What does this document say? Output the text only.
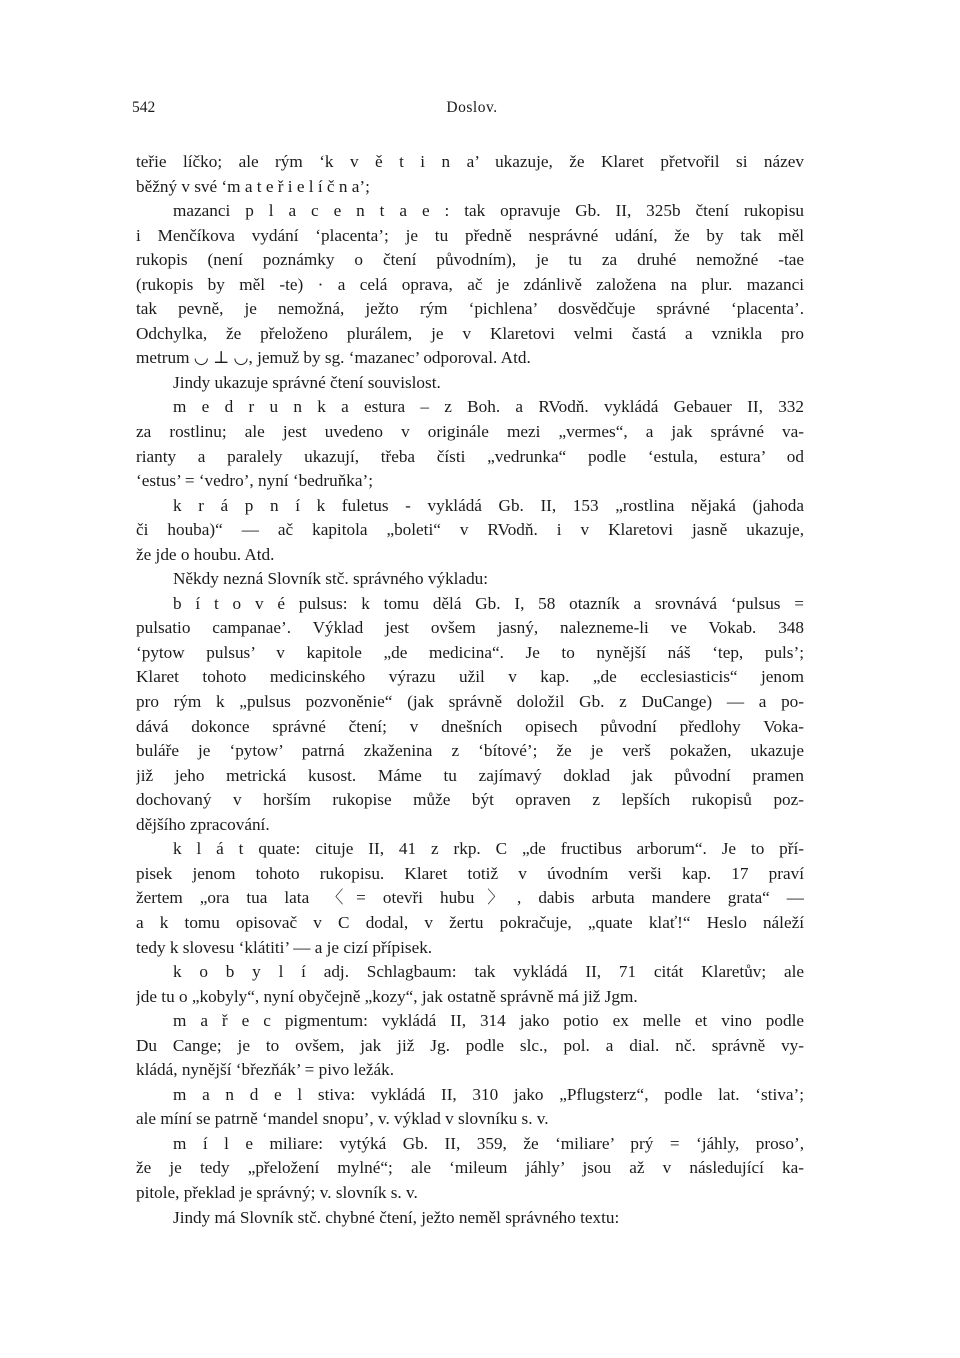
542	Doslov.
teřie líčko; ale rým ‘k v ě t i n a’ ukazuje, že Klaret přetvořil si název
běžný v své ‘m a t e ř i e l í č n a’;
mazanci p l a c e n t a e : tak opravuje Gb. II, 325b čtení rukopisu
i Menčíkova vydání ‘placenta’; je tu předně nesprávné udání, že by tak měl
rukopis (není poznámky o čtení původním), je tu za druhé nemožné -tae
(rukopis by měl -te) · a celá oprava, ač je zdánlivě založena na plur. mazanci
tak pevně, je nemožná, ježto rým ‘pichlena’ dosvědčuje správné ‘placenta’.
Odchylka, že přeloženo plurálem, je v Klaretovi velmi častá a vznikla pro
metrum ◡ ⊥ ◡, jemuž by sg. ‘mazanec’ odporoval. Atd.
Jindy ukazuje správné čtení souvislost.
m e d r u n k a estura – z Boh. a RVodň. vykládá Gebauer II, 332
za rostlinu; ale jest uvedeno v originále mezi „vermes“, a jak správné va-
rianty a paralely ukazují, třeba čísti „vedrunka“ podle ‘estula, estura’ od
‘estus’ = ‘vedro’, nyní ‘bedruňka’;
k r á p n í k fuletus - vykládá Gb. II, 153 „rostlina nějaká (jahoda
či houba)“ — ač kapitola „boleti“ v RVodň. i v Klaretovi jasně ukazuje,
že jde o houbu. Atd.
Někdy nezná Slovník stč. správného výkladu:
b í t o v é pulsus: k tomu dělá Gb. I, 58 otazník a srovnává ‘pulsus =
pulsatio campanae’. Výklad jest ovšem jasný, nalezneme-li ve Vokab. 348
‘pytow pulsus’ v kapitole „de medicina“. Je to nynější náš ‘tep, puls’;
Klaret tohoto medicinského výrazu užil v kap. „de ecclesiasticis“ jenom
pro rým k „pulsus pozvoněnie“ (jak správně doložil Gb. z DuCange) — a po-
dává dokonce správné čtení; v dnešních opisech původní předlohy Voka-
buláře je ‘pytow’ patrná zkaženina z ‘bítové’; že je verš pokažen, ukazuje
již jeho metrická kusost. Máme tu zajímavý doklad jak původní pramen
dochovaný v horším rukopise může být opraven z lepších rukopisů poz-
dějšího zpracování.
k l á t quate: cituje II, 41 z rkp. C „de fructibus arborum“. Je to pří-
pisek jenom tohoto rukopisu. Klaret totiž v úvodním verši kap. 17 praví
žertem „ora tua lata 〈= otevři hubu〉, dabis arbuta mandere grata“ —
a k tomu opisovač v C dodal, v žertu pokračuje, „quate klať!“ Heslo náleží
tedy k slovesu ‘klátiti’ — a je cizí přípisek.
k o b y l í adj. Schlagbaum: tak vykládá II, 71 citát Klaretův; ale
jde tu o „kobyly“, nyní obyčejně „kozy“, jak ostatně správně má již Jgm.
m a ř e c pigmentum: vykládá II, 314 jako potio ex melle et vino podle
Du Cange; je to ovšem, jak již Jg. podle slc., pol. a dial. nč. správně vy-
kládá, nynější ‘březňák’ = pivo ležák.
m a n d e l stiva: vykládá II, 310 jako „Pflugsterz“, podle lat. ‘stiva’;
ale míní se patrně ‘mandel snopu’, v. výklad v slovníku s. v.
m í l e miliare: vytýká Gb. II, 359, že ‘miliare’ prý = ‘jáhly, proso’,
že je tedy „přeložení mylné“; ale ‘mileum jáhly’ jsou až v následující ka-
pitole, překlad je správný; v. slovník s. v.
Jindy má Slovník stč. chybné čtení, ježto neměl správného textu:
